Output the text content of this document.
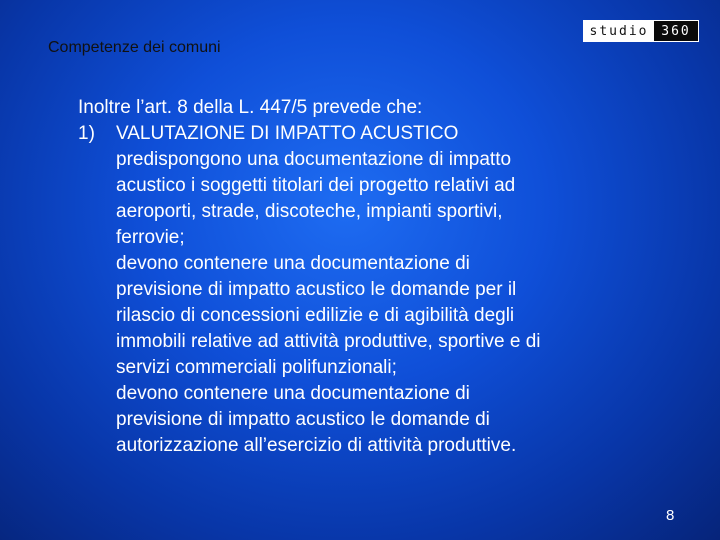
studio 360
Competenze dei comuni

Inoltre l’art. 8 della L. 447/5 prevede che:

1)	VALUTAZIONE DI IMPATTO ACUSTICO
predispongono una documentazione di impatto
acustico i soggetti titolari dei progetto relativi ad
aeroporti, strade, discoteche, impianti sportivi,
ferrovie;
devono contenere una documentazione di
previsione di impatto acustico le domande per il
rilascio di concessioni edilizie e di agibilità degli
immobili relative ad attività produttive, sportive e di
servizi commerciali polifunzionali;
devono contenere una documentazione di
previsione di impatto acustico le domande di
autorizzazione all’esercizio di attività produttive.
8
